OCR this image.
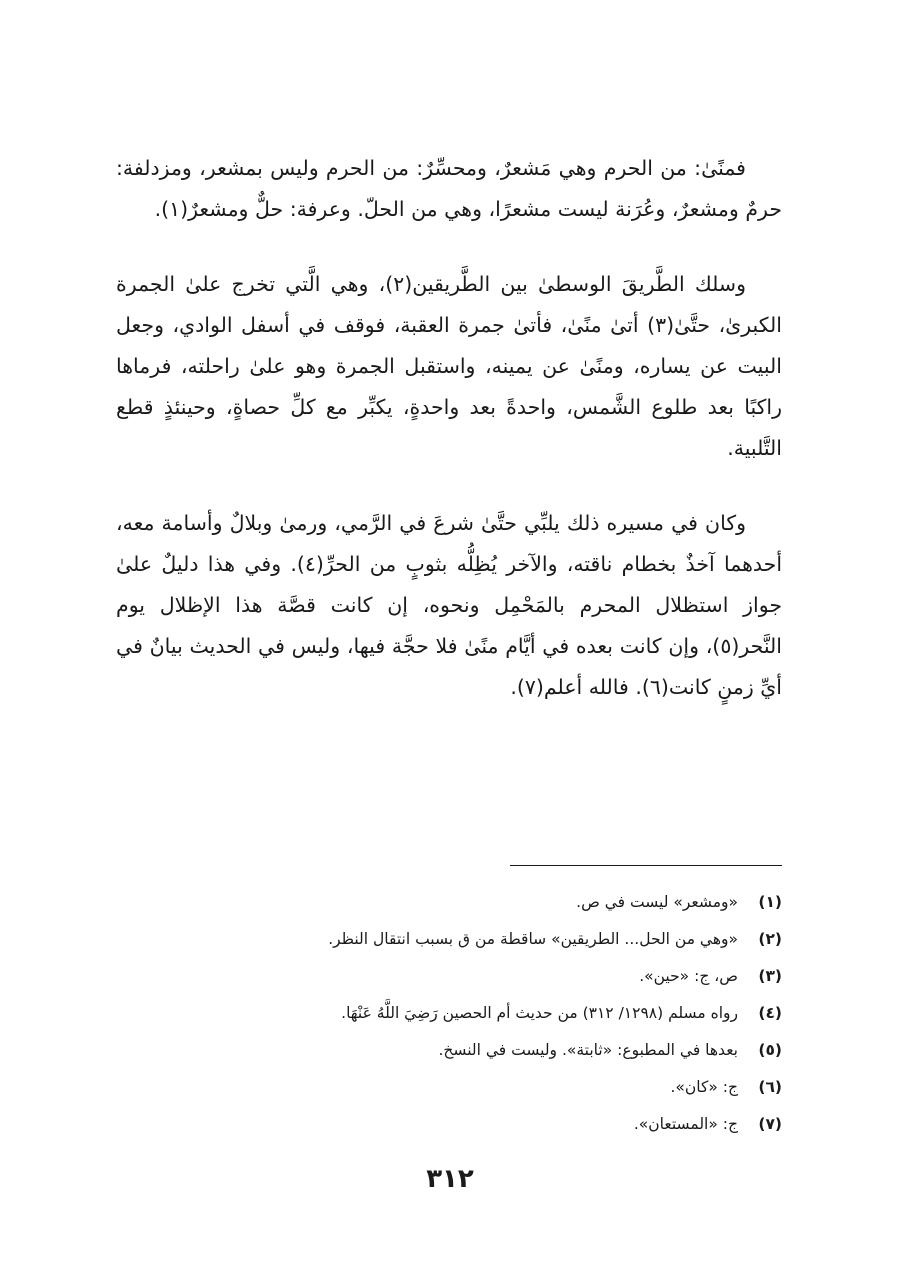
فمنًىٰ: من الحرم وهي مَشعرٌ، ومحسِّرٌ: من الحرم وليس بمشعر، ومزدلفة: حرمٌ ومشعرٌ، وعُرَنة ليست مشعرًا، وهي من الحلّ. وعرفة: حلٌّ ومشعرٌ(١).

وسلك الطَّريقَ الوسطىٰ بين الطَّريقين(٢)، وهي الَّتي تخرج علىٰ الجمرة الكبرىٰ، حتَّىٰ(٣) أتىٰ منًىٰ، فأتىٰ جمرة العقبة، فوقف في أسفل الوادي، وجعل البيت عن يساره، ومنًىٰ عن يمينه، واستقبل الجمرة وهو علىٰ راحلته، فرماها راكبًا بعد طلوع الشَّمس، واحدةً بعد واحدةٍ، يكبِّر مع كلِّ حصاةٍ، وحينئذٍ قطع التَّلبية.

وكان في مسيره ذلك يلبِّي حتَّىٰ شرعَ في الرَّمي، ورمىٰ وبلالٌ وأسامة معه، أحدهما آخذٌ بخطام ناقته، والآخر يُظِلُّه بثوبٍ من الحرِّ(٤). وفي هذا دليلٌ علىٰ جواز استظلال المحرم بالمَحْمِل ونحوه، إن كانت قصَّة هذا الإظلال يوم النَّحر(٥)، وإن كانت بعده في أيَّام منًىٰ فلا حجَّة فيها، وليس في الحديث بيانٌ في أيِّ زمنٍ كانت(٦). فالله أعلم(٧).

(١)
«ومشعر» ليست في ص.
(٢)
«وهي من الحل... الطريقين» ساقطة من ق بسبب انتقال النظر.
(٣)
ص، ج: «حين».
(٤)
رواه مسلم (١٢٩٨/ ٣١٢) من حديث أم الحصين رَضِيَ اللَّهُ عَنْهَا.
(٥)
بعدها في المطبوع: «ثابتة». وليست في النسخ.
(٦)
ج: «كان».
(٧)
ج: «المستعان».
٣١٢
